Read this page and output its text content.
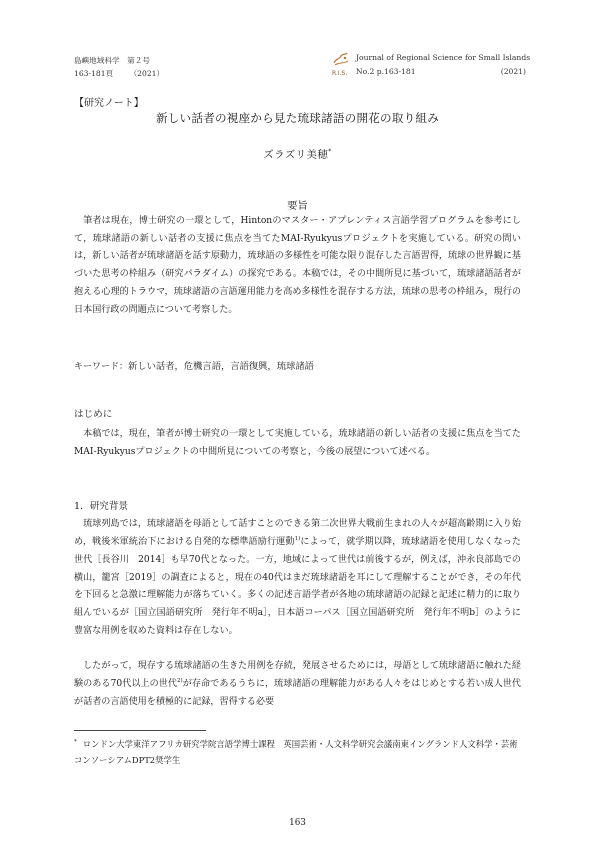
島嶼地域科学　第２号
163-181頁 （2021）	R.I.S.
Journal of Regional Science for Small Islands
No.2 p.163-181	(2021)
【研究ノート】
新しい話者の視座から見た琉球諸語の開花の取り組み
ズラズリ美穂*
要旨

筆者は現在，博士研究の一環として，Hintonのマスター・アプレンティス言語学習プログラムを参考にして，琉球諸語の新しい話者の支援に焦点を当てたMAI-Ryukyusプロジェクトを実施している。研究の問いは，新しい話者が琉球諸語を話す原動力，琉球語の多様性を可能な限り混存した言語習得，琉球の世界観に基づいた思考の枠組み（研究パラダイム）の探究である。本稿では，その中間所見に基づいて，琉球諸語話者が抱える心理的トラウマ，琉球諸語の言語運用能力を高め多様性を混存する方法，琉球の思考の枠組み，現行の日本国行政の問題点について考察した。

キーワード：新しい話者，危機言語，言語復興，琉球諸語
はじめに

本稿では，現在，筆者が博士研究の一環として実施している，琉球諸語の新しい話者の支援に焦点を当てたMAI-Ryukyusプロジェクトの中間所見についての考察と，今後の展望について述べる。

1．研究背景

琉球列島では，琉球諸語を母語として話すことのできる第二次世界大戦前生まれの人々が超高齢期に入り始め，戦後米軍統治下における自発的な標準語励行運動$^{1)}$によって，就学期以降，琉球諸語を使用しなくなった世代［長谷川　2014］も早70代となった。一方，地域によって世代は前後するが，例えば，沖永良部島での横山，籠宮［2019］の調査によると，現在の40代はまだ琉球諸語を耳にして理解することができ，その年代を下回ると急激に理解能力が落ちていく。多くの記述言語学者が各地の琉球諸語の記録と記述に精力的に取り組んでいるが［国立国語研究所　発行年不明a］，日本語コーパス［国立国語研究所　発行年不明b］のように豊富な用例を収めた資料は存在しない。

したがって，現存する琉球諸語の生きた用例を存続，発展させるためには，母語として琉球諸語に触れた経験のある70代以上の世代$^{2)}$が存命であるうちに，琉球諸語の理解能力がある人々をはじめとする若い成人世代が話者の言語使用を積極的に記録，習得する必要

* ロンドン大学東洋アフリカ研究学院言語学博士課程　英国芸術・人文科学研究会議南東イングランド人文科学・芸術コンソーシアムDPT2奨学生

163
